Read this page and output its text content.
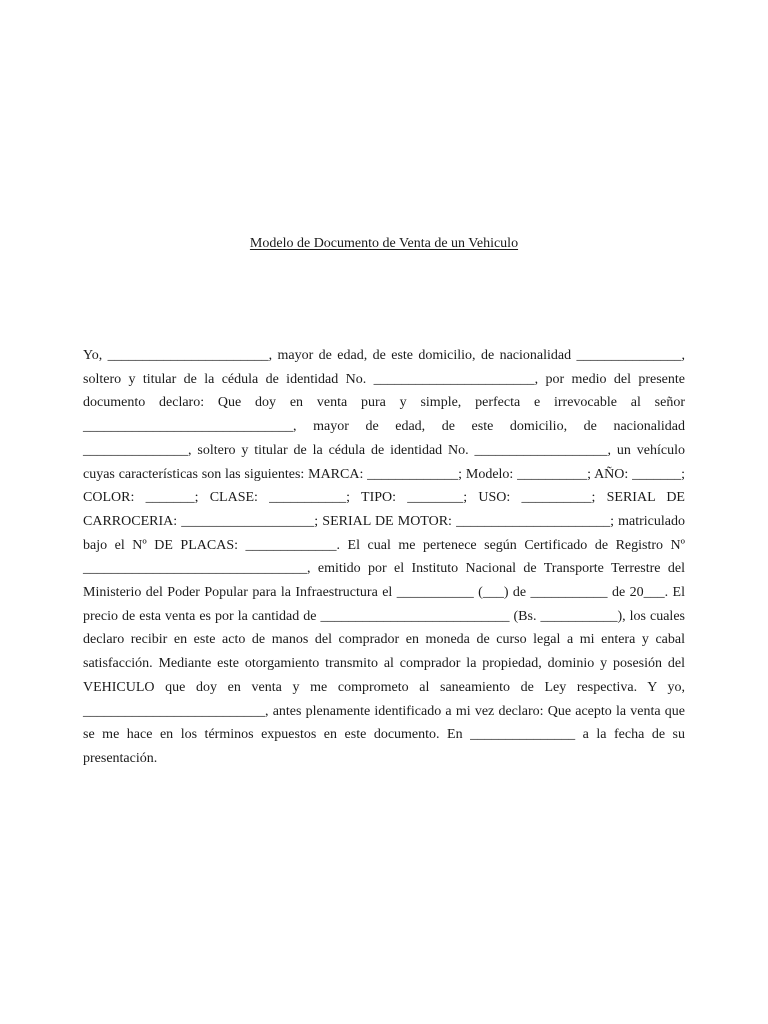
Modelo de Documento de Venta de un Vehiculo

Yo, _______________________, mayor de edad, de este domicilio, de nacionalidad _______________, soltero y titular de la cédula de identidad No. _______________________, por medio del presente documento declaro: Que doy en venta pura y simple, perfecta e irrevocable al señor ______________________________, mayor de edad, de este domicilio, de nacionalidad _______________, soltero y titular de la cédula de identidad No. ___________________, un vehículo cuyas características son las siguientes: MARCA: _____________; Modelo: __________; AÑO: _______; COLOR: _______; CLASE: ___________; TIPO: ________; USO: __________; SERIAL DE CARROCERIA: ___________________; SERIAL DE MOTOR: ______________________; matriculado bajo el Nº DE PLACAS: _____________. El cual me pertenece según Certificado de Registro Nº ________________________________, emitido por el Instituto Nacional de Transporte Terrestre del Ministerio del Poder Popular para la Infraestructura el ___________ (___) de ___________ de 20___. El precio de esta venta es por la cantidad de ___________________________ (Bs. ___________), los cuales declaro recibir en este acto de manos del comprador en moneda de curso legal a mi entera y cabal satisfacción. Mediante este otorgamiento transmito al comprador la propiedad, dominio y posesión del VEHICULO que doy en venta y me comprometo al saneamiento de Ley respectiva. Y yo, __________________________, antes plenamente identificado a mi vez declaro: Que acepto la venta que se me hace en los términos expuestos en este documento. En _______________ a la fecha de su presentación.
